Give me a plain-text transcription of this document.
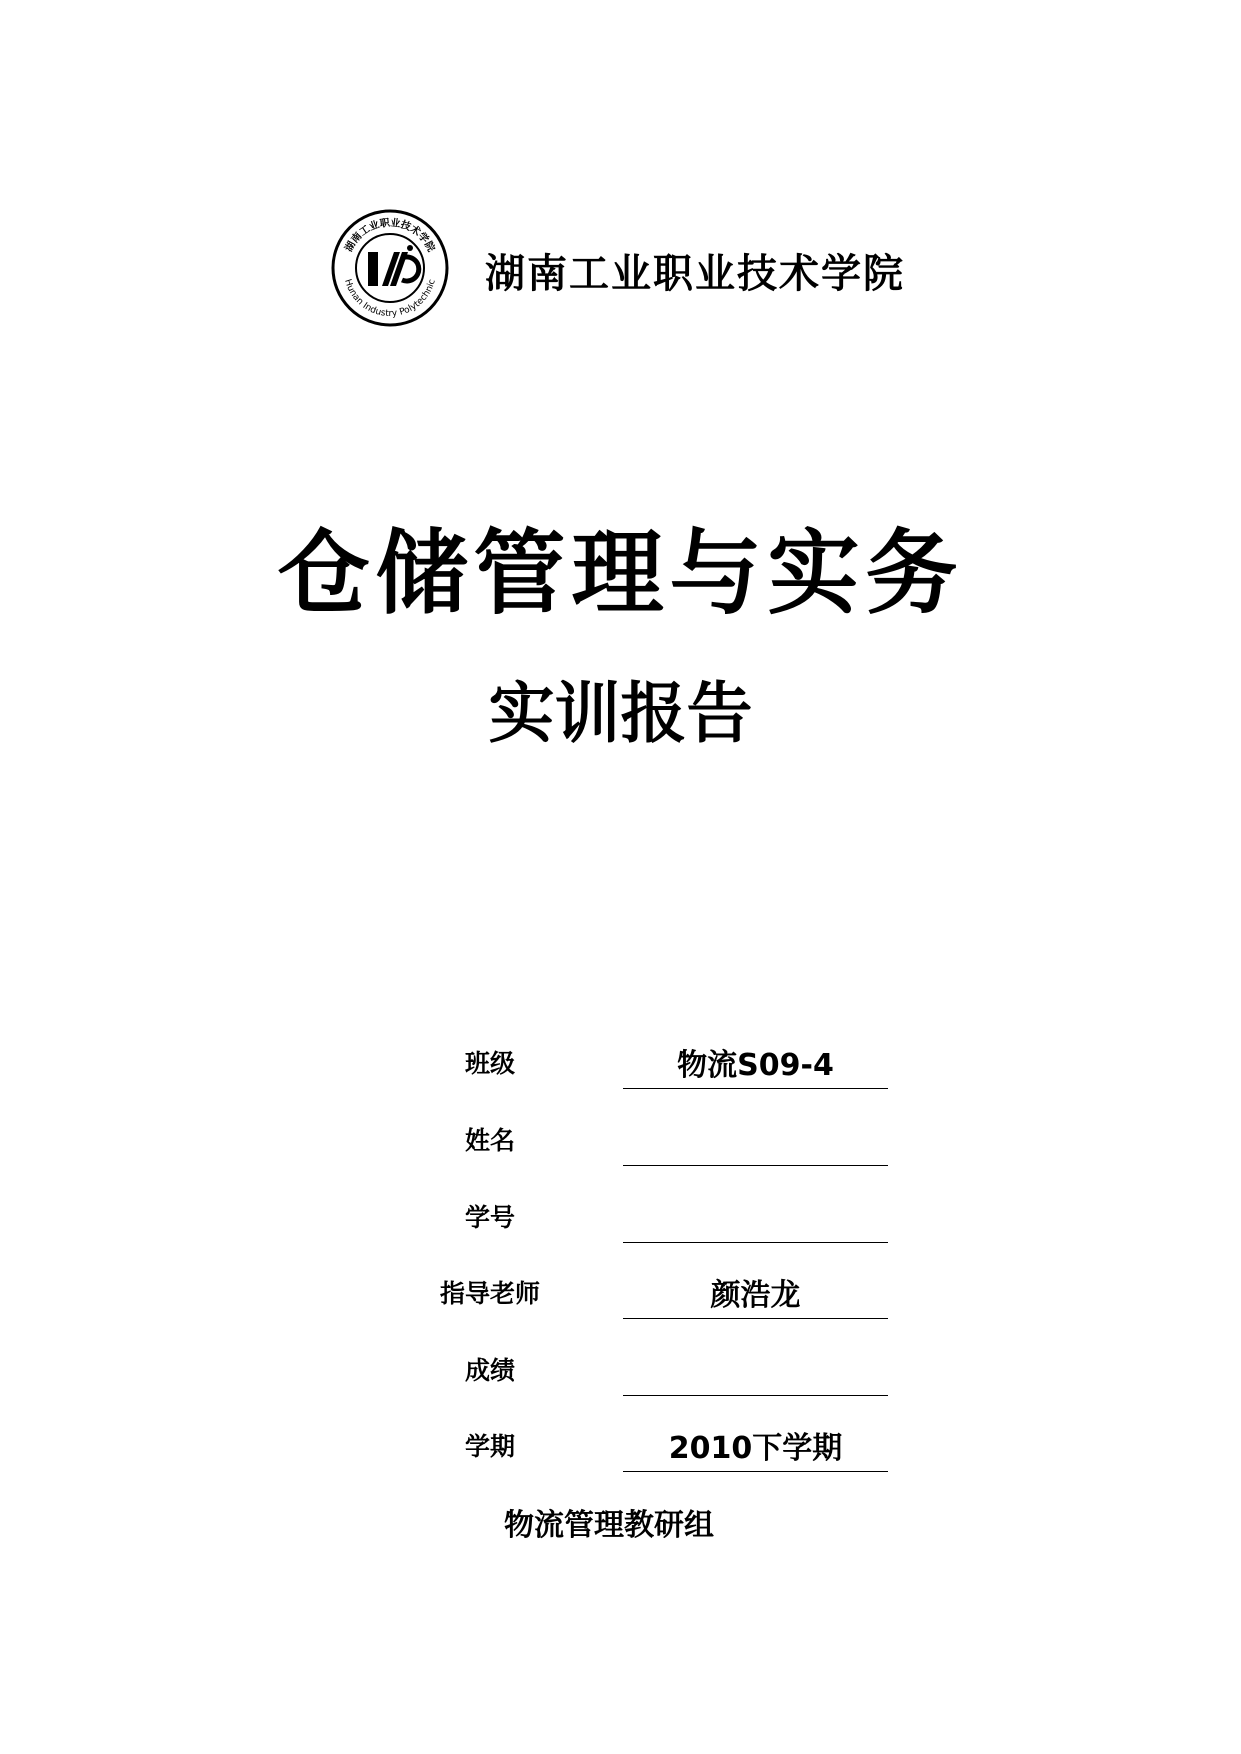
湖南工业职业技术学院
Hunan Industry Polytechnic 湖南工业职业技术学院
仓储管理与实务
实训报告
班级	物流S09-4
姓名
学号
指导老师	颜浩龙
成绩
学期	2010下学期
物流管理教研组
